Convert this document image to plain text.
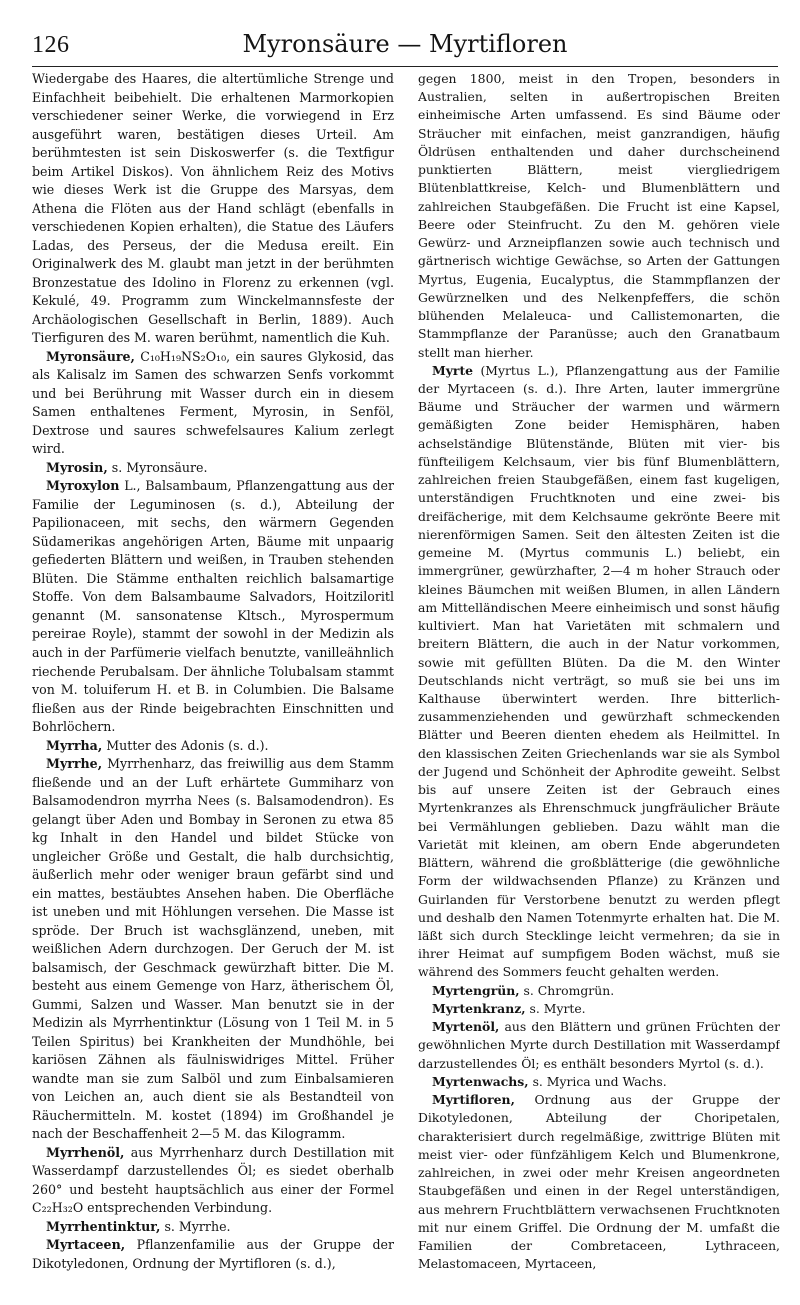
126	Myronsäure — Myrtifloren

Wiedergabe des Haares, die altertümliche Strenge und Einfachheit beibehielt. Die erhaltenen Marmorkopien verschiedener seiner Werke, die vorwiegend in Erz ausgeführt waren, bestätigen dieses Urteil. Am berühmtesten ist sein Diskoswerfer (s. die Textfigur beim Artikel Diskos). Von ähnlichem Reiz des Motivs wie dieses Werk ist die Gruppe des Marsyas, dem Athena die Flöten aus der Hand schlägt (ebenfalls in verschiedenen Kopien erhalten), die Statue des Läufers Ladas, des Perseus, der die Medusa ereilt. Ein Originalwerk des M. glaubt man jetzt in der berühmten Bronzestatue des Idolino in Florenz zu erkennen (vgl. Kekulé, 49. Programm zum Winckelmannsfeste der Archäologischen Gesellschaft in Berlin, 1889). Auch Tierfiguren des M. waren berühmt, namentlich die Kuh.

Myronsäure, C₁₀H₁₉NS₂O₁₀, ein saures Glykosid, das als Kalisalz im Samen des schwarzen Senfs vorkommt und bei Berührung mit Wasser durch ein in diesem Samen enthaltenes Ferment, Myrosin, in Senföl, Dextrose und saures schwefelsaures Kalium zerlegt wird.

Myrosin, s. Myronsäure.

Myroxylon L., Balsambaum, Pflanzengattung aus der Familie der Leguminosen (s. d.), Abteilung der Papilionaceen, mit sechs, den wärmern Gegenden Südamerikas angehörigen Arten, Bäume mit unpaarig gefiederten Blättern und weißen, in Trauben stehenden Blüten. Die Stämme enthalten reichlich balsamartige Stoffe. Von dem Balsambaume Salvadors, Hoitziloritl genannt (M. sansonatense Kltsch., Myrospermum pereirae Royle), stammt der sowohl in der Medizin als auch in der Parfümerie vielfach benutzte, vanilleähnlich riechende Perubalsam. Der ähnliche Tolubalsam stammt von M. toluiferum H. et B. in Columbien. Die Balsame fließen aus der Rinde beigebrachten Einschnitten und Bohrlöchern.

Myrrha, Mutter des Adonis (s. d.).

Myrrhe, Myrrhenharz, das freiwillig aus dem Stamm fließende und an der Luft erhärtete Gummiharz von Balsamodendron myrrha Nees (s. Balsamodendron). Es gelangt über Aden und Bombay in Seronen zu etwa 85 kg Inhalt in den Handel und bildet Stücke von ungleicher Größe und Gestalt, die halb durchsichtig, äußerlich mehr oder weniger braun gefärbt sind und ein mattes, bestäubtes Ansehen haben. Die Oberfläche ist uneben und mit Höhlungen versehen. Die Masse ist spröde. Der Bruch ist wachsglänzend, uneben, mit weißlichen Adern durchzogen. Der Geruch der M. ist balsamisch, der Geschmack gewürzhaft bitter. Die M. besteht aus einem Gemenge von Harz, ätherischem Öl, Gummi, Salzen und Wasser. Man benutzt sie in der Medizin als Myrrhentinktur (Lösung von 1 Teil M. in 5 Teilen Spiritus) bei Krankheiten der Mundhöhle, bei kariösen Zähnen als fäulniswidriges Mittel. Früher wandte man sie zum Salböl und zum Einbalsamieren von Leichen an, auch dient sie als Bestandteil von Räuchermitteln. M. kostet (1894) im Großhandel je nach der Beschaffenheit 2—5 M. das Kilogramm.

Myrrhenöl, aus Myrrhenharz durch Destillation mit Wasserdampf darzustellendes Öl; es siedet oberhalb 260° und besteht hauptsächlich aus einer der Formel C₂₂H₃₂O entsprechenden Verbindung.

Myrrhentinktur, s. Myrrhe.

Myrtaceen, Pflanzenfamilie aus der Gruppe der Dikotyledonen, Ordnung der Myrtifloren (s. d.),

gegen 1800, meist in den Tropen, besonders in Australien, selten in außertropischen Breiten einheimische Arten umfassend. Es sind Bäume oder Sträucher mit einfachen, meist ganzrandigen, häufig Öldrüsen enthaltenden und daher durchscheinend punktierten Blättern, meist viergliedrigem Blütenblattkreise, Kelch- und Blumenblättern und zahlreichen Staubgefäßen. Die Frucht ist eine Kapsel, Beere oder Steinfrucht. Zu den M. gehören viele Gewürz- und Arzneipflanzen sowie auch technisch und gärtnerisch wichtige Gewächse, so Arten der Gattungen Myrtus, Eugenia, Eucalyptus, die Stammpflanzen der Gewürznelken und des Nelkenpfeffers, die schön blühenden Melaleuca- und Callistemonarten, die Stammpflanze der Paranüsse; auch den Granatbaum stellt man hierher.

Myrte (Myrtus L.), Pflanzengattung aus der Familie der Myrtaceen (s. d.). Ihre Arten, lauter immergrüne Bäume und Sträucher der warmen und wärmern gemäßigten Zone beider Hemisphären, haben achselständige Blütenstände, Blüten mit vier- bis fünfteiligem Kelchsaum, vier bis fünf Blumenblättern, zahlreichen freien Staubgefäßen, einem fast kugeligen, unterständigen Fruchtknoten und eine zwei- bis dreifächerige, mit dem Kelchsaume gekrönte Beere mit nierenförmigen Samen. Seit den ältesten Zeiten ist die gemeine M. (Myrtus communis L.) beliebt, ein immergrüner, gewürzhafter, 2—4 m hoher Strauch oder kleines Bäumchen mit weißen Blumen, in allen Ländern am Mittelländischen Meere einheimisch und sonst häufig kultiviert. Man hat Varietäten mit schmalern und breitern Blättern, die auch in der Natur vorkommen, sowie mit gefüllten Blüten. Da die M. den Winter Deutschlands nicht verträgt, so muß sie bei uns im Kalthause überwintert werden. Ihre bitterlich-zusammenziehenden und gewürzhaft schmeckenden Blätter und Beeren dienten ehedem als Heilmittel. In den klassischen Zeiten Griechenlands war sie als Symbol der Jugend und Schönheit der Aphrodite geweiht. Selbst bis auf unsere Zeiten ist der Gebrauch eines Myrtenkranzes als Ehrenschmuck jungfräulicher Bräute bei Vermählungen geblieben. Dazu wählt man die Varietät mit kleinen, am obern Ende abgerundeten Blättern, während die großblätterige (die gewöhnliche Form der wildwachsenden Pflanze) zu Kränzen und Guirlanden für Verstorbene benutzt zu werden pflegt und deshalb den Namen Totenmyrte erhalten hat. Die M. läßt sich durch Stecklinge leicht vermehren; da sie in ihrer Heimat auf sumpfigem Boden wächst, muß sie während des Sommers feucht gehalten werden.

Myrtengrün, s. Chromgrün.

Myrtenkranz, s. Myrte.

Myrtenöl, aus den Blättern und grünen Früchten der gewöhnlichen Myrte durch Destillation mit Wasserdampf darzustellendes Öl; es enthält besonders Myrtol (s. d.).

Myrtenwachs, s. Myrica und Wachs.

Myrtifloren, Ordnung aus der Gruppe der Dikotyledonen, Abteilung der Choripetalen, charakterisiert durch regelmäßige, zwittrige Blüten mit meist vier- oder fünfzähligem Kelch und Blumenkrone, zahlreichen, in zwei oder mehr Kreisen angeordneten Staubgefäßen und einen in der Regel unterständigen, aus mehrern Fruchtblättern verwachsenen Fruchtknoten mit nur einem Griffel. Die Ordnung der M. umfaßt die Familien der Combretaceen, Lythraceen, Melastomaceen, Myrtaceen,
